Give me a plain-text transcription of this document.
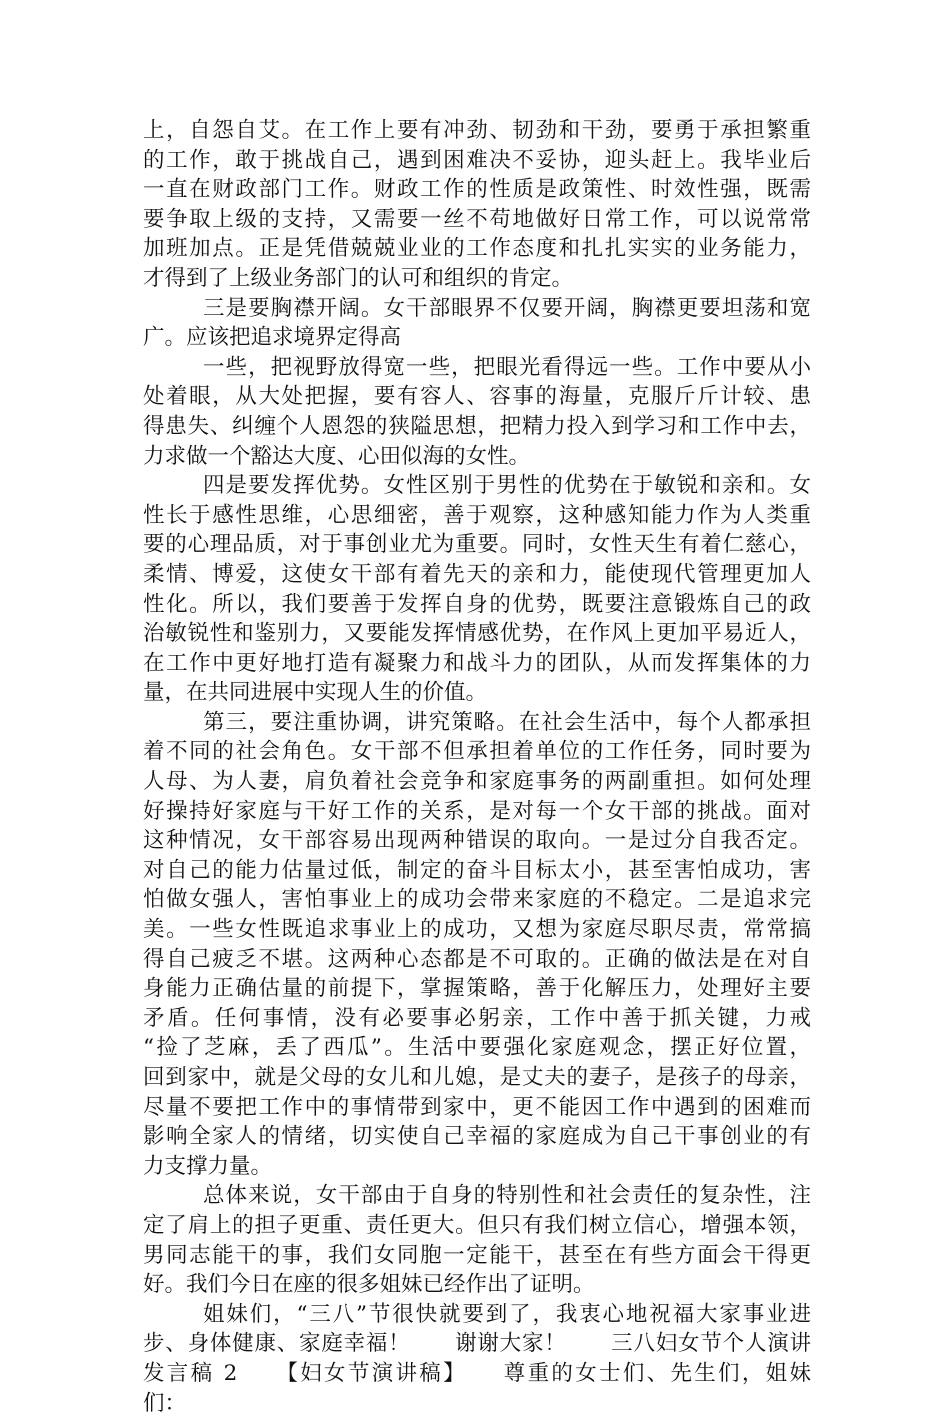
上，自怨自艾。在工作上要有冲劲、韧劲和干劲，要勇于承担繁重
的工作，敢于挑战自己，遇到困难决不妥协，迎头赶上。我毕业后
一直在财政部门工作。财政工作的性质是政策性、时效性强，既需
要争取上级的支持，又需要一丝不苟地做好日常工作，可以说常常
加班加点。正是凭借兢兢业业的工作态度和扎扎实实的业务能力，
才得到了上级业务部门的认可和组织的肯定。
三是要胸襟开阔。女干部眼界不仅要开阔，胸襟更要坦荡和宽
广。应该把追求境界定得高
一些，把视野放得宽一些，把眼光看得远一些。工作中要从小
处着眼，从大处把握，要有容人、容事的海量，克服斤斤计较、患
得患失、纠缠个人恩怨的狭隘思想，把精力投入到学习和工作中去，
力求做一个豁达大度、心田似海的女性。
四是要发挥优势。女性区别于男性的优势在于敏锐和亲和。女
性长于感性思维，心思细密，善于观察，这种感知能力作为人类重
要的心理品质，对于事创业尤为重要。同时，女性天生有着仁慈心，
柔情、博爱，这使女干部有着先天的亲和力，能使现代管理更加人
性化。所以，我们要善于发挥自身的优势，既要注意锻炼自己的政
治敏锐性和鉴别力，又要能发挥情感优势，在作风上更加平易近人，
在工作中更好地打造有凝聚力和战斗力的团队，从而发挥集体的力
量，在共同进展中实现人生的价值。
第三，要注重协调，讲究策略。在社会生活中，每个人都承担
着不同的社会角色。女干部不但承担着单位的工作任务，同时要为
人母、为人妻，肩负着社会竞争和家庭事务的两副重担。如何处理
好操持好家庭与干好工作的关系，是对每一个女干部的挑战。面对
这种情况，女干部容易出现两种错误的取向。一是过分自我否定。
对自己的能力估量过低，制定的奋斗目标太小，甚至害怕成功，害
怕做女强人，害怕事业上的成功会带来家庭的不稳定。二是追求完
美。一些女性既追求事业上的成功，又想为家庭尽职尽责，常常搞
得自己疲乏不堪。这两种心态都是不可取的。正确的做法是在对自
身能力正确估量的前提下，掌握策略，善于化解压力，处理好主要
矛盾。任何事情，没有必要事必躬亲，工作中善于抓关键，力戒
“捡了芝麻，丢了西瓜”。生活中要强化家庭观念，摆正好位置，
回到家中，就是父母的女儿和儿媳，是丈夫的妻子，是孩子的母亲，
尽量不要把工作中的事情带到家中，更不能因工作中遇到的困难而
影响全家人的情绪，切实使自己幸福的家庭成为自己干事创业的有
力支撑力量。
总体来说，女干部由于自身的特别性和社会责任的复杂性，注
定了肩上的担子更重、责任更大。但只有我们树立信心，增强本领，
男同志能干的事，我们女同胞一定能干，甚至在有些方面会干得更
好。我们今日在座的很多姐妹已经作出了证明。
姐妹们，“三八”节很快就要到了，我衷心地祝福大家事业进
步、身体健康、家庭幸福！　　谢谢大家！　　三八妇女节个人演讲
发言稿 2　　【妇女节演讲稿】　　尊重的女士们、先生们，姐妹
们：
